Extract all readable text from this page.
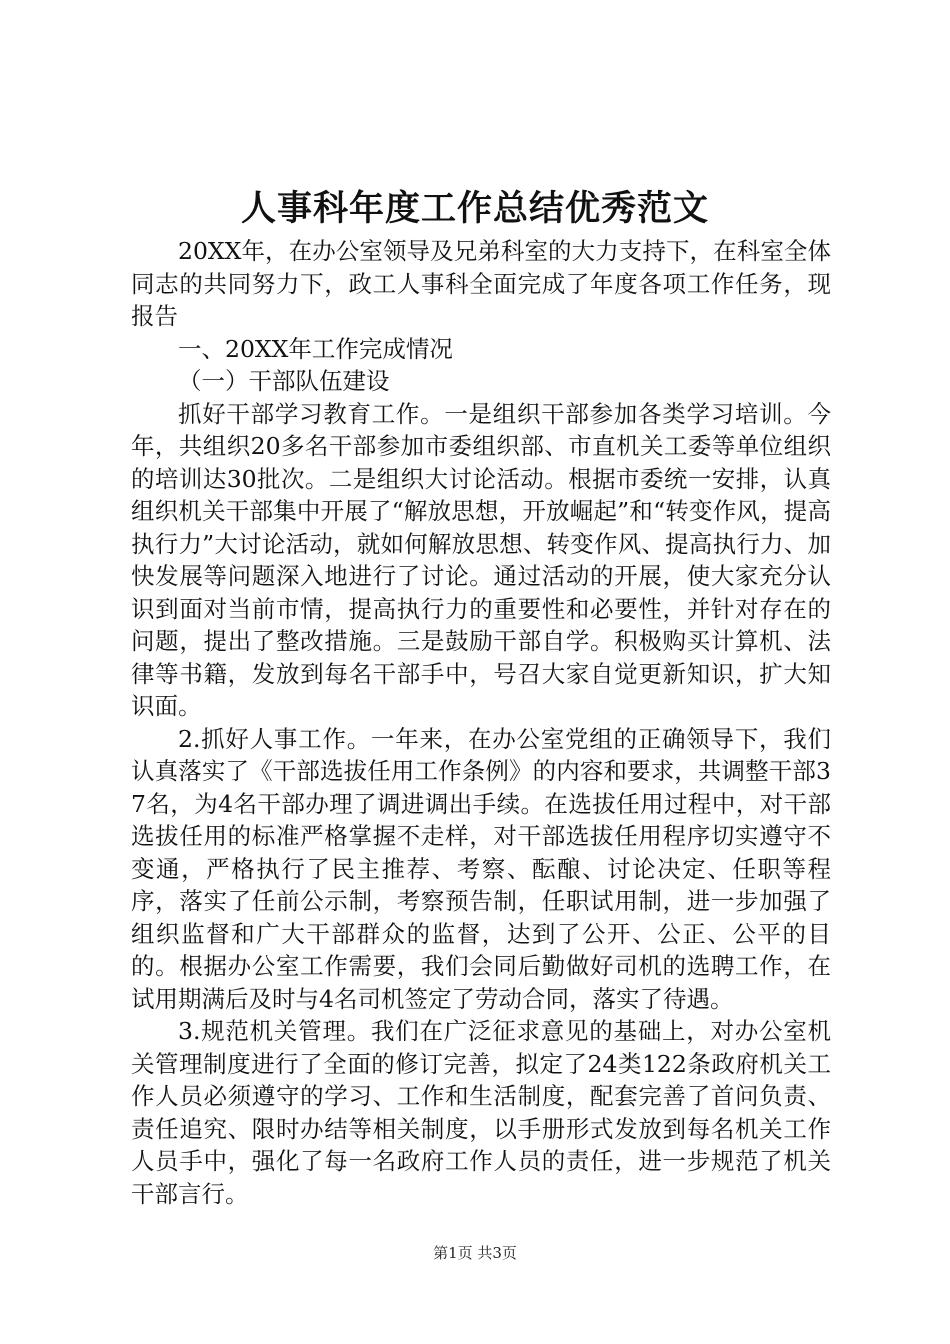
人事科年度工作总结优秀范文

20XX年，在办公室领导及兄弟科室的大力支持下，在科室全体同志的共同努力下，政工人事科全面完成了年度各项工作任务，现报告

一、20XX年工作完成情况

（一）干部队伍建设

抓好干部学习教育工作。一是组织干部参加各类学习培训。今年，共组织20多名干部参加市委组织部、市直机关工委等单位组织的培训达30批次。二是组织大讨论活动。根据市委统一安排，认真组织机关干部集中开展了“解放思想，开放崛起”和“转变作风，提高执行力”大讨论活动，就如何解放思想、转变作风、提高执行力、加快发展等问题深入地进行了讨论。通过活动的开展，使大家充分认识到面对当前市情，提高执行力的重要性和必要性，并针对存在的问题，提出了整改措施。三是鼓励干部自学。积极购买计算机、法律等书籍，发放到每名干部手中，号召大家自觉更新知识，扩大知识面。

2.抓好人事工作。一年来，在办公室党组的正确领导下，我们认真落实了《干部选拔任用工作条例》的内容和要求，共调整干部37名，为4名干部办理了调进调出手续。在选拔任用过程中，对干部选拔任用的标准严格掌握不走样，对干部选拔任用程序切实遵守不变通，严格执行了民主推荐、考察、酝酿、讨论决定、任职等程序，落实了任前公示制，考察预告制，任职试用制，进一步加强了组织监督和广大干部群众的监督，达到了公开、公正、公平的目的。根据办公室工作需要，我们会同后勤做好司机的选聘工作，在试用期满后及时与4名司机签定了劳动合同，落实了待遇。

3.规范机关管理。我们在广泛征求意见的基础上，对办公室机关管理制度进行了全面的修订完善，拟定了24类122条政府机关工作人员必须遵守的学习、工作和生活制度，配套完善了首问负责、责任追究、限时办结等相关制度，以手册形式发放到每名机关工作人员手中，强化了每一名政府工作人员的责任，进一步规范了机关干部言行。

第1页 共3页
